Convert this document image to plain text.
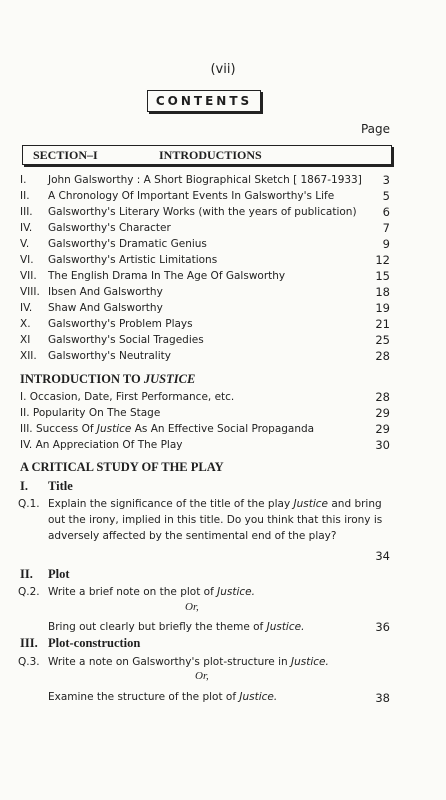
(vii)
CONTENTS
Page
SECTION–I	INTRODUCTIONS
I. John Galsworthy : A Short Biographical Sketch [ 1867-1933] 3
II. A Chronology Of Important Events In Galsworthy's Life	5
III. Galsworthy's Literary Works (with the years of publication) 6
IV. Galsworthy's Character	7
V. Galsworthy's Dramatic Genius	9
VI. Galsworthy's Artistic Limitations	12
VII. The English Drama In The Age Of Galsworthy	15
VIII. Ibsen And Galsworthy	18
IV. Shaw And Galsworthy	19
X. Galsworthy's Problem Plays	21
XI Galsworthy's Social Tragedies	25
XII. Galsworthy's Neutrality	28
INTRODUCTION TO JUSTICE
I. Occasion, Date, First Performance, etc.	28
II. Popularity On The Stage	29
III. Success Of Justice As An Effective Social Propaganda	29
IV. An Appreciation Of The Play	30
A CRITICAL STUDY OF THE PLAY
I. Title
Q.1. Explain the significance of the title of the play Justice and bring out the irony, implied in this title. Do you think that this irony is adversely affected by the sentimental end of the play?
34
II. Plot
Q.2. Write a brief note on the plot of Justice.
Or,
Bring out clearly but briefly the theme of Justice.	36
III. Plot-construction
Q.3. Write a note on Galsworthy's plot-structure in Justice.
Or,
Examine the structure of the plot of Justice.	38
